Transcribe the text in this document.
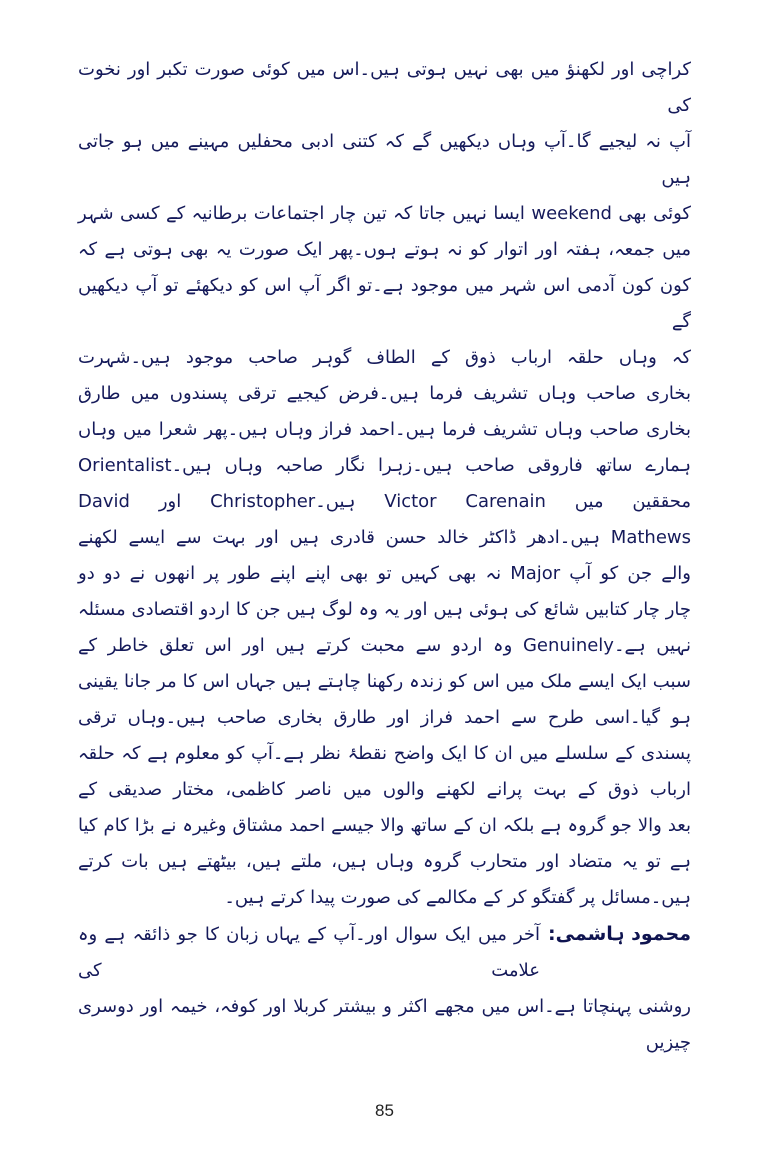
کراچی اور لکھنؤ میں بھی نہیں ہوتی ہیں۔اس میں کوئی صورت تکبر اور نخوت کی
آپ نہ لیجیے گا۔آپ وہاں دیکھیں گے کہ کتنی ادبی محفلیں مہینے میں ہو جاتی ہیں
کوئی بھی weekend ایسا نہیں جاتا کہ تین چار اجتماعات برطانیہ کے کسی شہر
میں جمعہ، ہفتہ اور اتوار کو نہ ہوتے ہوں۔پھر ایک صورت یہ بھی ہوتی ہے کہ
کون کون آدمی اس شہر میں موجود ہے۔تو اگر آپ اس کو دیکھئے تو آپ دیکھیں گے
کہ وہاں حلقہ ارباب ذوق کے الطاف گوہر صاحب موجود ہیں۔شہرت
بخاری صاحب وہاں تشریف فرما ہیں۔فرض کیجیے ترقی پسندوں میں طارق
بخاری صاحب وہاں تشریف فرما ہیں۔احمد فراز وہاں ہیں۔پھر شعرا میں وہاں
ہمارے ساتھ فاروقی صاحب ہیں۔زہرا نگار صاحبہ وہاں ہیں۔Orientalist
محققین میں Victor Carenain ہیں۔Christopher اور David
Mathews ہیں۔ادھر ڈاکٹر خالد حسن قادری ہیں اور بہت سے ایسے لکھنے
والے جن کو آپ Major نہ بھی کہیں تو بھی اپنے اپنے طور پر انھوں نے دو دو
چار چار کتابیں شائع کی ہوئی ہیں اور یہ وہ لوگ ہیں جن کا اردو اقتصادی مسئلہ
نہیں ہے۔Genuinely وہ اردو سے محبت کرتے ہیں اور اس تعلق خاطر کے
سبب ایک ایسے ملک میں اس کو زندہ رکھنا چاہتے ہیں جہاں اس کا مر جانا یقینی
ہو گیا۔اسی طرح سے احمد فراز اور طارق بخاری صاحب ہیں۔وہاں ترقی
پسندی کے سلسلے میں ان کا ایک واضح نقطۂ نظر ہے۔آپ کو معلوم ہے کہ حلقہ
ارباب ذوق کے بہت پرانے لکھنے والوں میں ناصر کاظمی، مختار صدیقی کے
بعد والا جو گروہ ہے بلکہ ان کے ساتھ والا جیسے احمد مشتاق وغیرہ نے بڑا کام کیا
ہے تو یہ متضاد اور متحارب گروہ وہاں ہیں، ملتے ہیں، بیٹھتے ہیں بات کرتے
ہیں۔مسائل پر گفتگو کر کے مکالمے کی صورت پیدا کرتے ہیں۔
محمود ہاشمی:
آخر میں ایک سوال اور۔آپ کے یہاں زبان کا جو ذائقہ ہے وہ علامت کی
روشنی پہنچاتا ہے۔اس میں مجھے اکثر و بیشتر کربلا اور کوفہ، خیمہ اور دوسری چیزیں
85
